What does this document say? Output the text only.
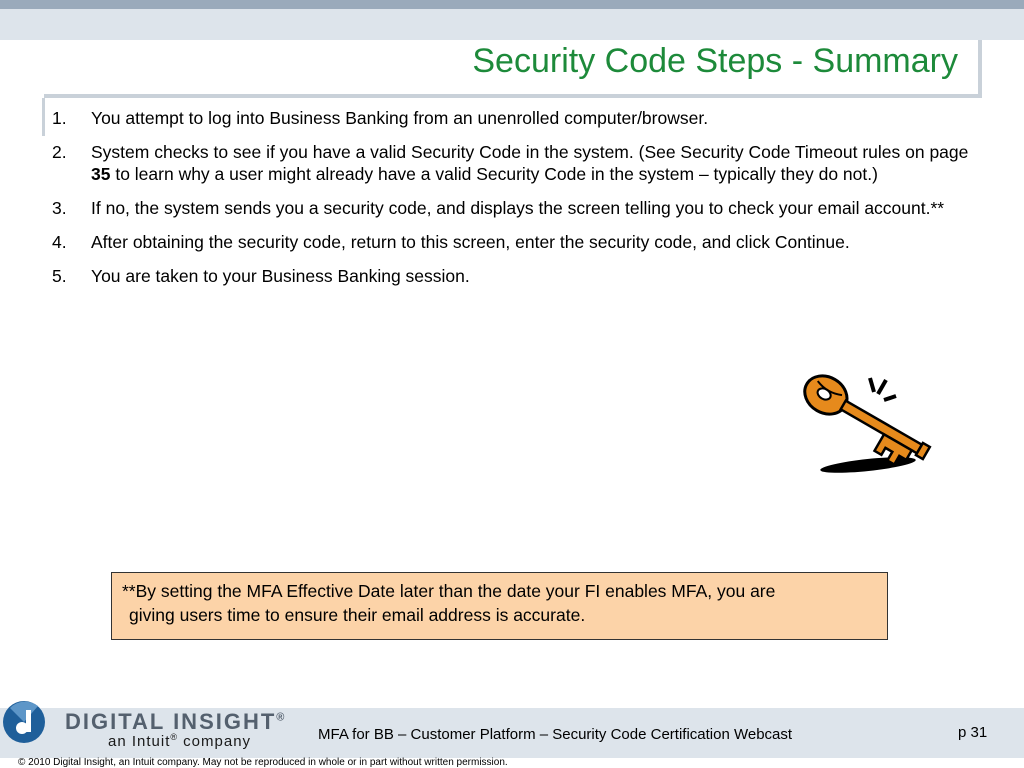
Security Code Steps - Summary
1.	You attempt to log into Business Banking from an unenrolled computer/browser.
2.	System checks to see if you have a valid Security Code in the system. (See Security Code Timeout rules on page 35 to learn why a user might already have a valid Security Code in the system – typically they do not.)
3.	If no, the system sends you a security code, and displays the screen telling you to check your email account.**
4.	After obtaining the security code, return to this screen, enter the security code, and click Continue.
5.	You are taken to your Business Banking session.

**By setting the MFA Effective Date later than the date your FI enables MFA, you are

giving users time to ensure their email address is accurate.

DIGITAL INSIGHT®
an Intuit® company	MFA for BB – Customer Platform – Security Code Certification Webcast	p 31
© 2010 Digital Insight, an Intuit company. May not be reproduced in whole or in part without written permission.
